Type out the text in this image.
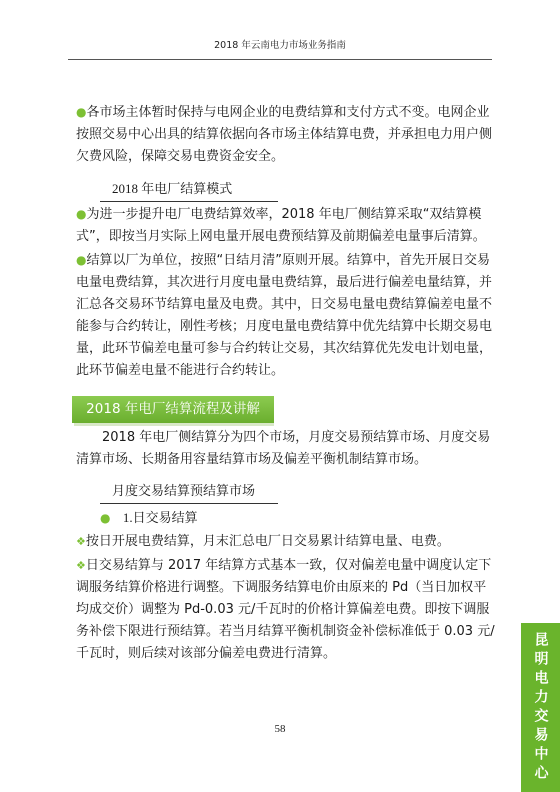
2018 年云南电力市场业务指南

●各市场主体暂时保持与电网企业的电费结算和支付方式不变。电网企业按照交易中心出具的结算依据向各市场主体结算电费，并承担电力用户侧欠费风险，保障交易电费资金安全。

2018 年电厂结算模式

●为进一步提升电厂电费结算效率，2018 年电厂侧结算采取“双结算模式”，即按当月实际上网电量开展电费预结算及前期偏差电量事后清算。

●结算以厂为单位，按照“日结月清”原则开展。结算中，首先开展日交易电量电费结算，其次进行月度电量电费结算，最后进行偏差电量结算，并汇总各交易环节结算电量及电费。其中，日交易电量电费结算偏差电量不能参与合约转让，刚性考核；月度电量电费结算中优先结算中长期交易电量，此环节偏差电量可参与合约转让交易，其次结算优先发电计划电量，此环节偏差电量不能进行合约转让。

2018 年电厂结算流程及讲解

2018 年电厂侧结算分为四个市场，月度交易预结算市场、月度交易清算市场、长期备用容量结算市场及偏差平衡机制结算市场。

月度交易结算预结算市场

● 1.日交易结算

❖按日开展电费结算，月末汇总电厂日交易累计结算电量、电费。

❖日交易结算与 2017 年结算方式基本一致，仅对偏差电量中调度认定下调服务结算价格进行调整。下调服务结算电价由原来的 Pd（当日加权平均成交价）调整为 Pd-0.03 元/千瓦时的价格计算偏差电费。即按下调服务补偿下限进行预结算。若当月结算平衡机制资金补偿标准低于 0.03 元/千瓦时，则后续对该部分偏差电费进行清算。

58	昆明电力交易中心
